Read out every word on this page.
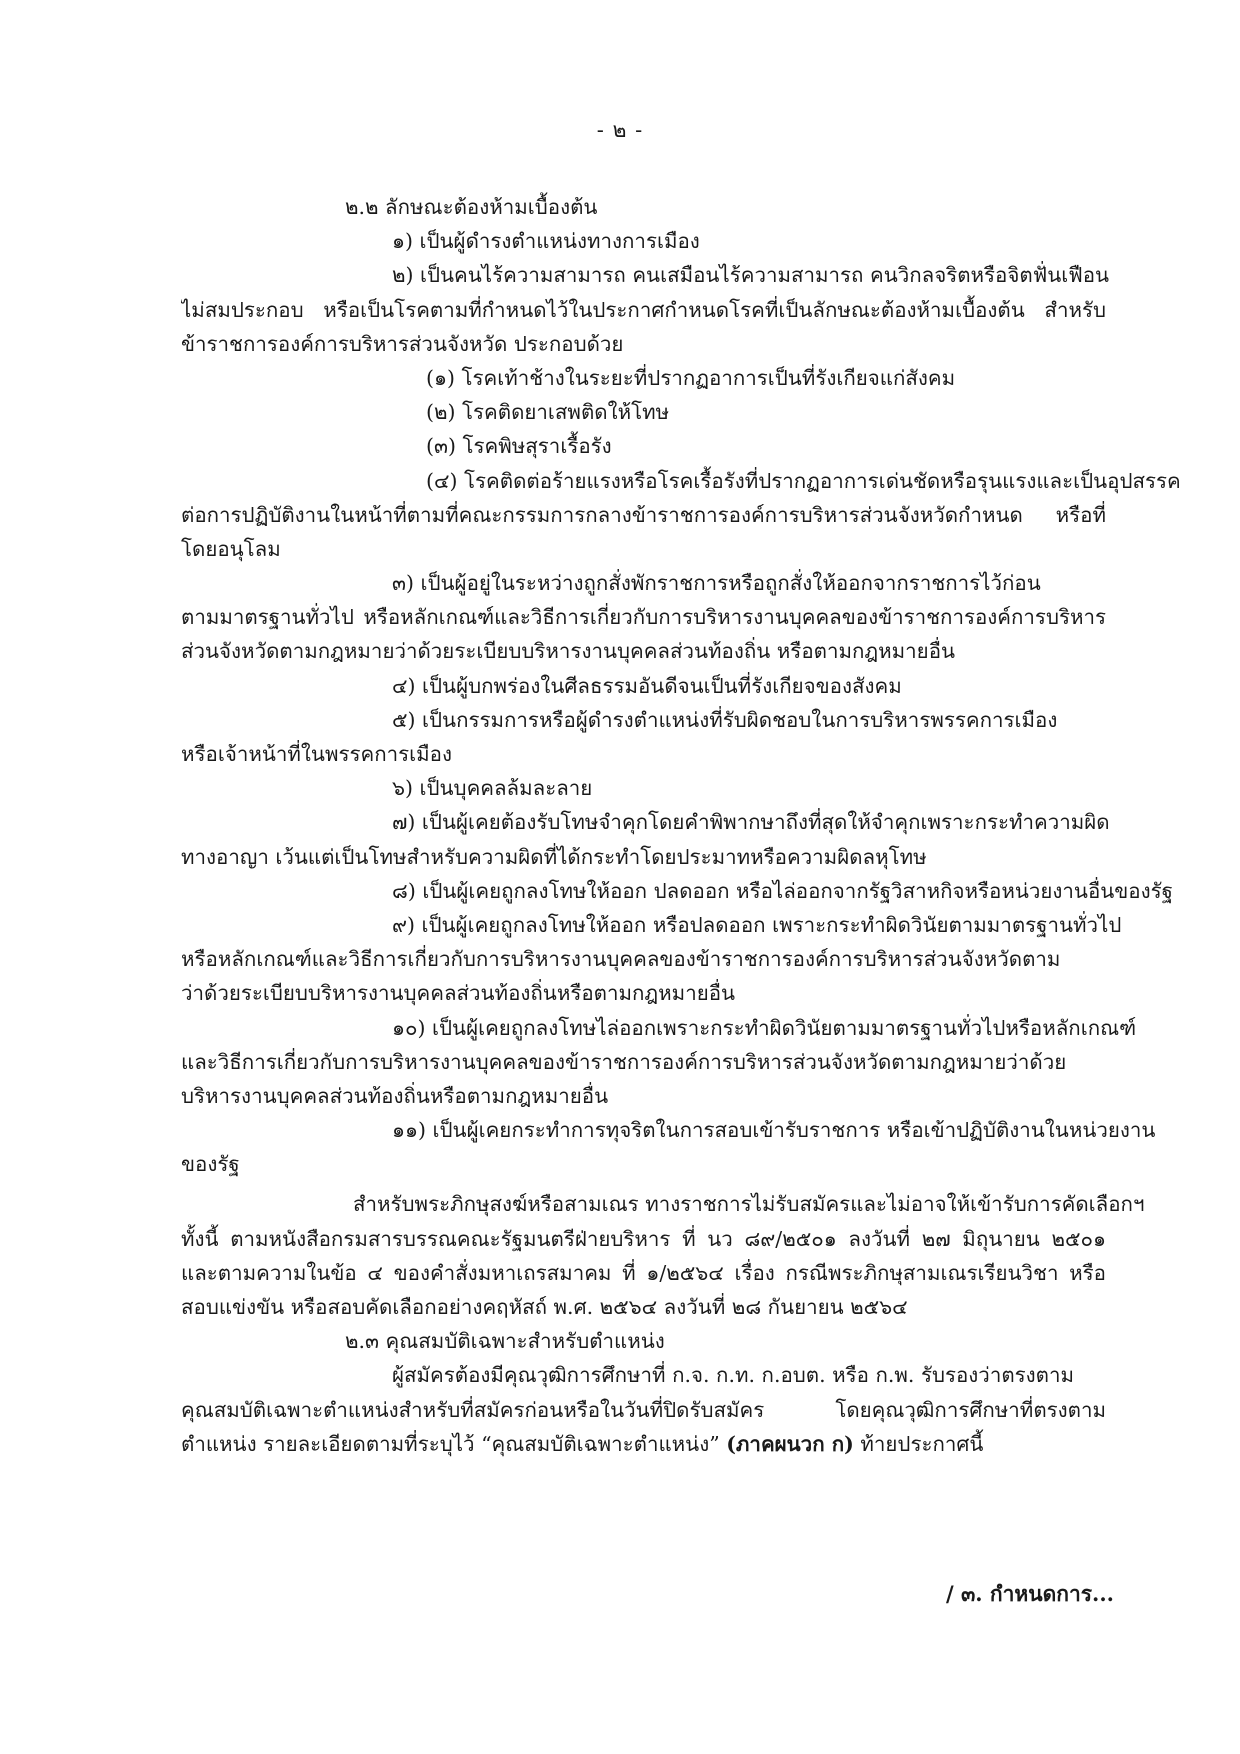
- ๒ -
๒.๒ ลักษณะต้องห้ามเบื้องต้น
๑) เป็นผู้ดำรงตำแหน่งทางการเมือง
๒) เป็นคนไร้ความสามารถ คนเสมือนไร้ความสามารถ คนวิกลจริตหรือจิตฟั่นเฟือน
ไม่สมประกอบ หรือเป็นโรคตามที่กำหนดไว้ในประกาศกำหนดโรคที่เป็นลักษณะต้องห้ามเบื้องต้น สำหรับ
ข้าราชการองค์การบริหารส่วนจังหวัด ประกอบด้วย
(๑) โรคเท้าช้างในระยะที่ปรากฏอาการเป็นที่รังเกียจแก่สังคม
(๒) โรคติดยาเสพติดให้โทษ
(๓) โรคพิษสุราเรื้อรัง
(๔) โรคติดต่อร้ายแรงหรือโรคเรื้อรังที่ปรากฏอาการเด่นชัดหรือรุนแรงและเป็นอุปสรรค
ต่อการปฏิบัติงานในหน้าที่ตามที่คณะกรรมการกลางข้าราชการองค์การบริหารส่วนจังหวัดกำหนด หรือที่
โดยอนุโลม
๓) เป็นผู้อยู่ในระหว่างถูกสั่งพักราชการหรือถูกสั่งให้ออกจากราชการไว้ก่อน
ตามมาตรฐานทั่วไป หรือหลักเกณฑ์และวิธีการเกี่ยวกับการบริหารงานบุคคลของข้าราชการองค์การบริหาร
ส่วนจังหวัดตามกฎหมายว่าด้วยระเบียบบริหารงานบุคคลส่วนท้องถิ่น หรือตามกฎหมายอื่น
๔) เป็นผู้บกพร่องในศีลธรรมอันดีจนเป็นที่รังเกียจของสังคม
๕) เป็นกรรมการหรือผู้ดำรงตำแหน่งที่รับผิดชอบในการบริหารพรรคการเมือง
หรือเจ้าหน้าที่ในพรรคการเมือง
๖) เป็นบุคคลล้มละลาย
๗) เป็นผู้เคยต้องรับโทษจำคุกโดยคำพิพากษาถึงที่สุดให้จำคุกเพราะกระทำความผิด
ทางอาญา เว้นแต่เป็นโทษสำหรับความผิดที่ได้กระทำโดยประมาทหรือความผิดลหุโทษ
๘) เป็นผู้เคยถูกลงโทษให้ออก ปลดออก หรือไล่ออกจากรัฐวิสาหกิจหรือหน่วยงานอื่นของรัฐ
๙) เป็นผู้เคยถูกลงโทษให้ออก หรือปลดออก เพราะกระทำผิดวินัยตามมาตรฐานทั่วไป
หรือหลักเกณฑ์และวิธีการเกี่ยวกับการบริหารงานบุคคลของข้าราชการองค์การบริหารส่วนจังหวัดตาม
ว่าด้วยระเบียบบริหารงานบุคคลส่วนท้องถิ่นหรือตามกฎหมายอื่น
๑๐) เป็นผู้เคยถูกลงโทษไล่ออกเพราะกระทำผิดวินัยตามมาตรฐานทั่วไปหรือหลักเกณฑ์
และวิธีการเกี่ยวกับการบริหารงานบุคคลของข้าราชการองค์การบริหารส่วนจังหวัดตามกฎหมายว่าด้วย
บริหารงานบุคคลส่วนท้องถิ่นหรือตามกฎหมายอื่น
๑๑) เป็นผู้เคยกระทำการทุจริตในการสอบเข้ารับราชการ หรือเข้าปฏิบัติงานในหน่วยงาน
ของรัฐ
สำหรับพระภิกษุสงฆ์หรือสามเณร ทางราชการไม่รับสมัครและไม่อาจให้เข้ารับการคัดเลือกฯ
ทั้งนี้ ตามหนังสือกรมสารบรรณคณะรัฐมนตรีฝ่ายบริหาร ที่ นว ๘๙/๒๕๐๑ ลงวันที่ ๒๗ มิถุนายน ๒๕๐๑
และตามความในข้อ ๔ ของคำสั่งมหาเถรสมาคม ที่ ๑/๒๕๖๔ เรื่อง กรณีพระภิกษุสามเณรเรียนวิชา หรือ
สอบแข่งขัน หรือสอบคัดเลือกอย่างคฤหัสถ์ พ.ศ. ๒๕๖๔ ลงวันที่ ๒๘ กันยายน ๒๕๖๔
๒.๓ คุณสมบัติเฉพาะสำหรับตำแหน่ง
ผู้สมัครต้องมีคุณวุฒิการศึกษาที่ ก.จ. ก.ท. ก.อบต. หรือ ก.พ. รับรองว่าตรงตาม
คุณสมบัติเฉพาะตำแหน่งสำหรับที่สมัครก่อนหรือในวันที่ปิดรับสมัคร โดยคุณวุฒิการศึกษาที่ตรงตาม
ตำแหน่ง รายละเอียดตามที่ระบุไว้ “คุณสมบัติเฉพาะตำแหน่ง” (ภาคผนวก ก) ท้ายประกาศนี้
/ ๓. กำหนดการ...
